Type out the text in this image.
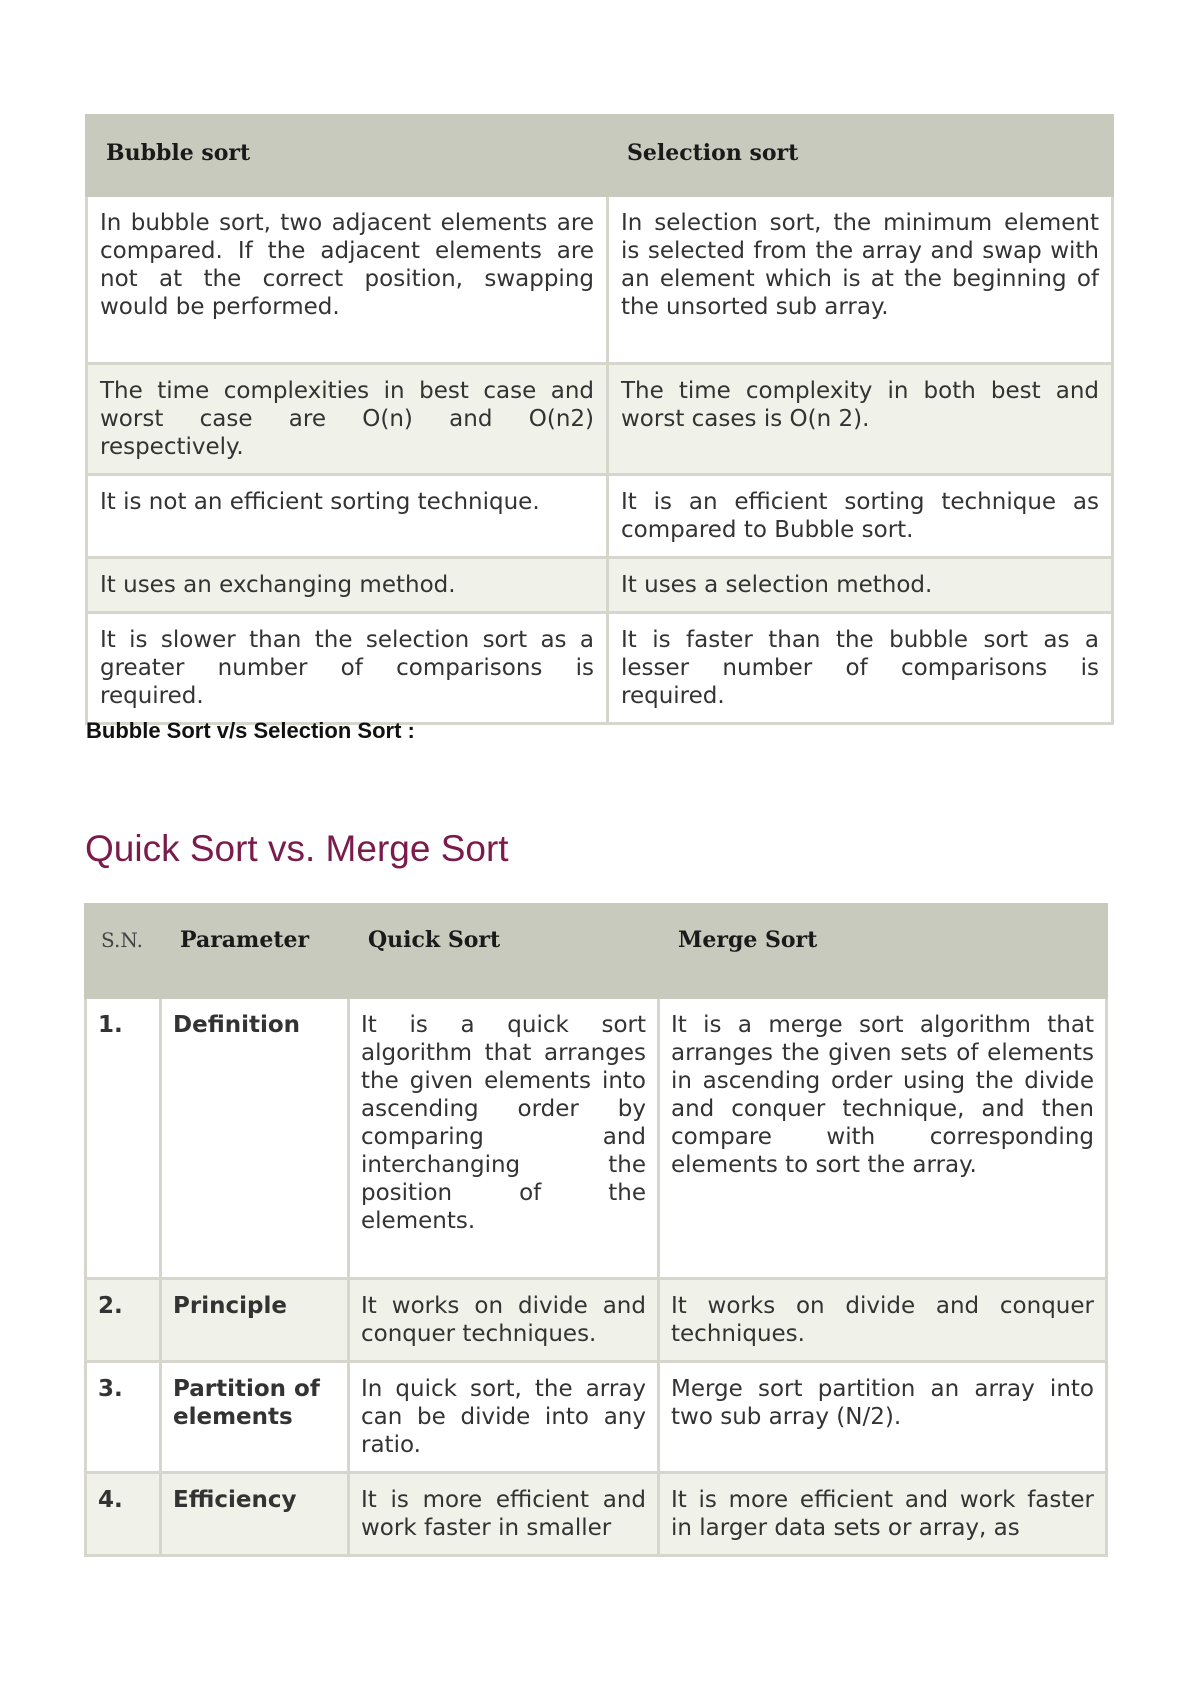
Bubble sort	Selection sort
In bubble sort, two adjacent elements are compared. If the adjacent elements are not at the correct position, swapping would be performed.	In selection sort, the minimum element is selected from the array and swap with an element which is at the beginning of the unsorted sub array.
The time complexities in best case and worst case are O(n) and O(n2) respectively.	The time complexity in both best and worst cases is O(n 2).
It is not an efficient sorting technique.	It is an efficient sorting technique as compared to Bubble sort.
It uses an exchanging method.	It uses a selection method.
It is slower than the selection sort as a greater number of comparisons is required.	It is faster than the bubble sort as a lesser number of comparisons is required.
Bubble Sort v/s Selection Sort :
Quick Sort vs. Merge Sort
S.N.	Parameter	Quick Sort	Merge Sort
1.	Definition	It is a quick sort algorithm that arranges the given elements into ascending order by comparing and interchanging the position of the elements.	It is a merge sort algorithm that arranges the given sets of elements in ascending order using the divide and conquer technique, and then compare with corresponding elements to sort the array.
2.	Principle	It works on divide and conquer techniques.	It works on divide and conquer techniques.
3.	Partition of elements	In quick sort, the array can be divide into any ratio.	Merge sort partition an array into two sub array (N/2).
4.	Efficiency	It is more efficient and work faster in smaller	It is more efficient and work faster in larger data sets or array, as
